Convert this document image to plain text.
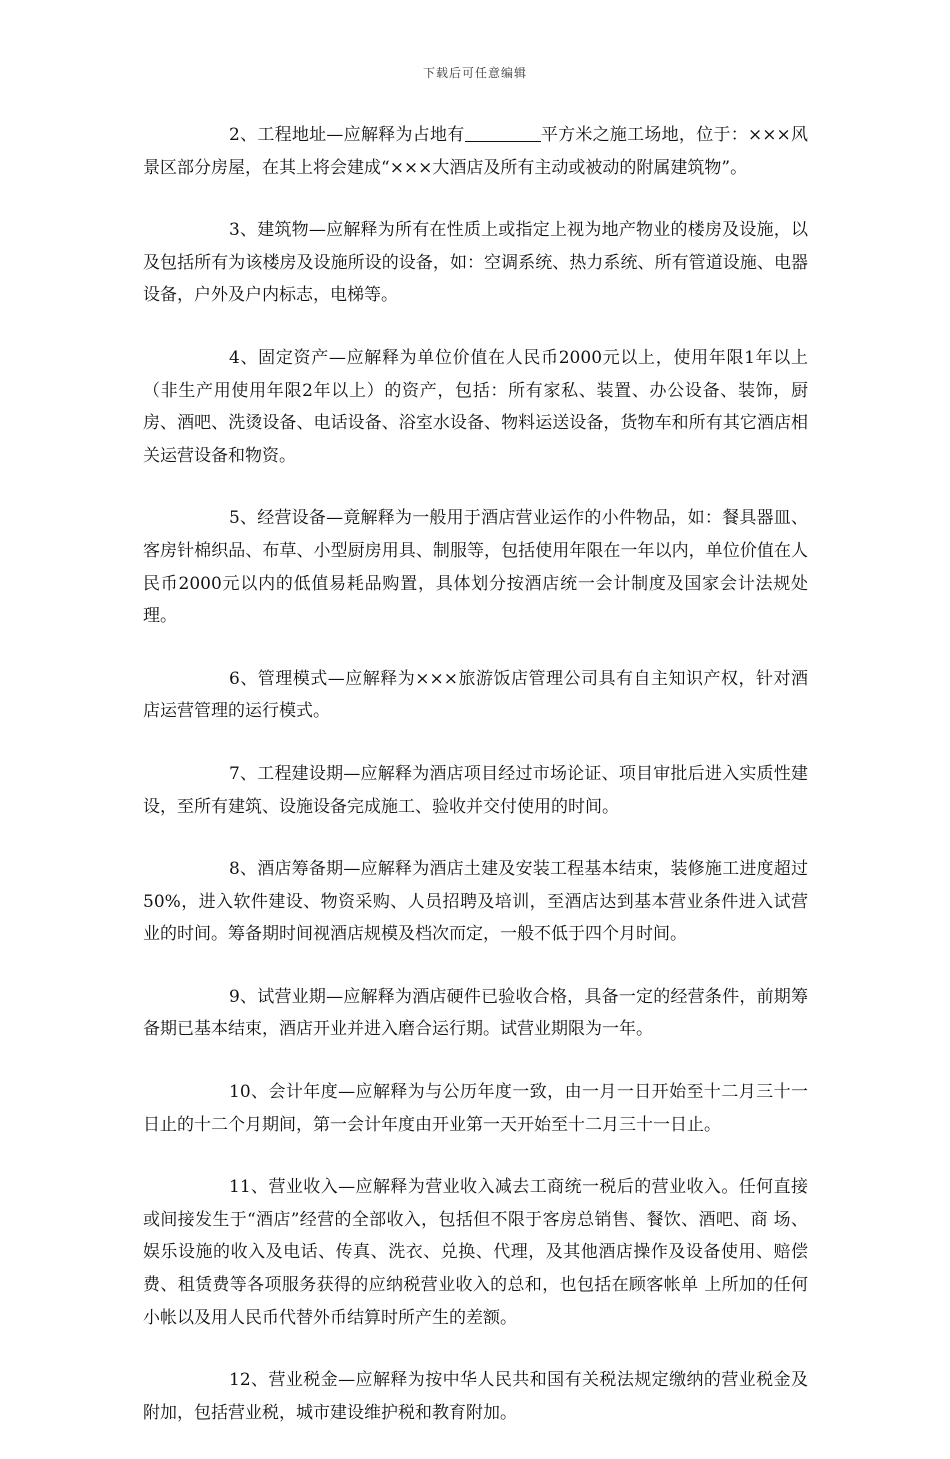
下载后可任意编辑

2、工程地址—应解释为占地有	平方米之施工场地，位于：×××风景区部分房屋，在其上将会建成“×××大酒店及所有主动或被动的附属建筑物”。

3、建筑物—应解释为所有在性质上或指定上视为地产物业的楼房及设施，以及包括所有为该楼房及设施所设的设备，如：空调系统、热力系统、所有管道设施、电器设备，户外及户内标志，电梯等。

4、固定资产—应解释为单位价值在人民币2000元以上，使用年限1年以上（非生产用使用年限2年以上）的资产，包括：所有家私、装置、办公设备、装饰，厨房、酒吧、洗烫设备、电话设备、浴室水设备、物料运送设备，货物车和所有其它酒店相关运营设备和物资。

5、经营设备—竟解释为一般用于酒店营业运作的小件物品，如：餐具器皿、客房针棉织品、布草、小型厨房用具、制服等，包括使用年限在一年以内，单位价值在人民币2000元以内的低值易耗品购置，具体划分按酒店统一会计制度及国家会计法规处理。

6、管理模式—应解释为×××旅游饭店管理公司具有自主知识产权，针对酒店运营管理的运行模式。

7、工程建设期—应解释为酒店项目经过市场论证、项目审批后进入实质性建设，至所有建筑、设施设备完成施工、验收并交付使用的时间。

8、酒店筹备期—应解释为酒店土建及安装工程基本结束，装修施工进度超过50%，进入软件建设、物资采购、人员招聘及培训，至酒店达到基本营业条件进入试营业的时间。筹备期时间视酒店规模及档次而定，一般不低于四个月时间。

9、试营业期—应解释为酒店硬件已验收合格，具备一定的经营条件，前期筹备期已基本结束，酒店开业并进入磨合运行期。试营业期限为一年。

10、会计年度—应解释为与公历年度一致，由一月一日开始至十二月三十一日止的十二个月期间，第一会计年度由开业第一天开始至十二月三十一日止。

11、营业收入—应解释为营业收入减去工商统一税后的营业收入。任何直接或间接发生于“酒店”经营的全部收入，包括但不限于客房总销售、餐饮、酒吧、商 场、娱乐设施的收入及电话、传真、洗衣、兑换、代理，及其他酒店操作及设备使用、赔偿费、租赁费等各项服务获得的应纳税营业收入的总和，也包括在顾客帐单 上所加的任何小帐以及用人民币代替外币结算时所产生的差额。

12、营业税金—应解释为按中华人民共和国有关税法规定缴纳的营业税金及附加，包括营业税，城市建设维护税和教育附加。
